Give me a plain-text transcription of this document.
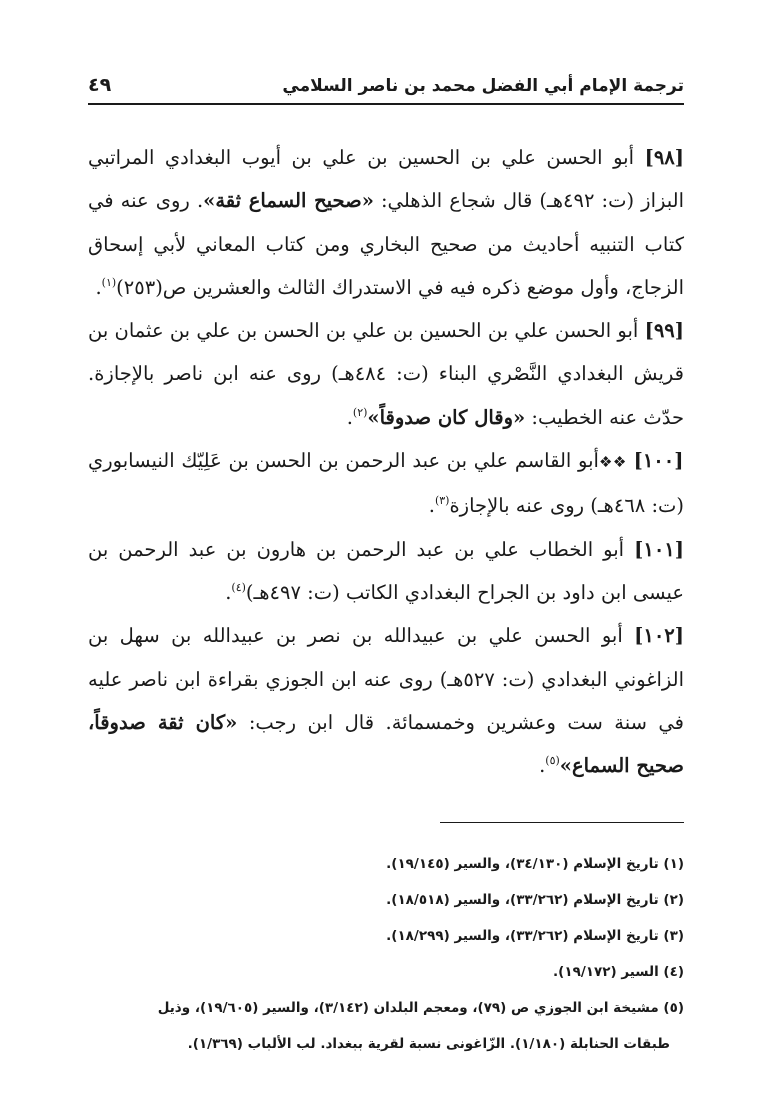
ترجمة الإمام أبي الفضل محمد بن ناصر السلامي
٤٩

[٩٨] أبو الحسن علي بن الحسين بن علي بن أيوب البغدادي المراتبي البزاز (ت: ٤٩٢هـ) قال شجاع الذهلي: «صحيح السماع ثقة». روى عنه في كتاب التنبيه أحاديث من صحيح البخاري ومن كتاب المعاني لأبي إسحاق الزجاج، وأول موضع ذكره فيه في الاستدراك الثالث والعشرين ص(٢٥٣)$^{(١)}$.

[٩٩] أبو الحسن علي بن الحسين بن علي بن الحسن بن علي بن عثمان بن قريش البغدادي النَّصْري البناء (ت: ٤٨٤هـ) روى عنه ابن ناصر بالإجازة. حدّث عنه الخطيب: «وقال كان صدوقاً»$^{(٢)}$.

[١٠٠] ❖❖أبو القاسم علي بن عبد الرحمن بن الحسن بن عَلِيّك النيسابوري (ت: ٤٦٨هـ) روى عنه بالإجازة$^{(٣)}$.

[١٠١] أبو الخطاب علي بن عبد الرحمن بن هارون بن عبد الرحمن بن عيسى ابن داود بن الجراح البغدادي الكاتب (ت: ٤٩٧هـ)$^{(٤)}$.

[١٠٢] أبو الحسن علي بن عبيدالله بن نصر بن عبيدالله بن سهل بن الزاغوني البغدادي (ت: ٥٢٧هـ) روى عنه ابن الجوزي بقراءة ابن ناصر عليه في سنة ست وعشرين وخمسمائة. قال ابن رجب: «كان ثقة صدوقاً، صحيح السماع»$^{(٥)}$.

(١) تاريخ الإسلام (٣٤/١٣٠)، والسير (١٩/١٤٥).

(٢) تاريخ الإسلام (٣٣/٢٦٢)، والسير (١٨/٥١٨).

(٣) تاريخ الإسلام (٣٣/٢٦٢)، والسير (١٨/٢٩٩).

(٤) السير (١٩/١٧٢).

(٥) مشيخة ابن الجوزي ص (٧٩)، ومعجم البلدان (٣/١٤٢)، والسير (١٩/٦٠٥)، وذيل

طبقات الحنابلة (١/١٨٠). الزّاغونى نسبة لقرية ببغداد. لب الألباب (١/٣٦٩).
